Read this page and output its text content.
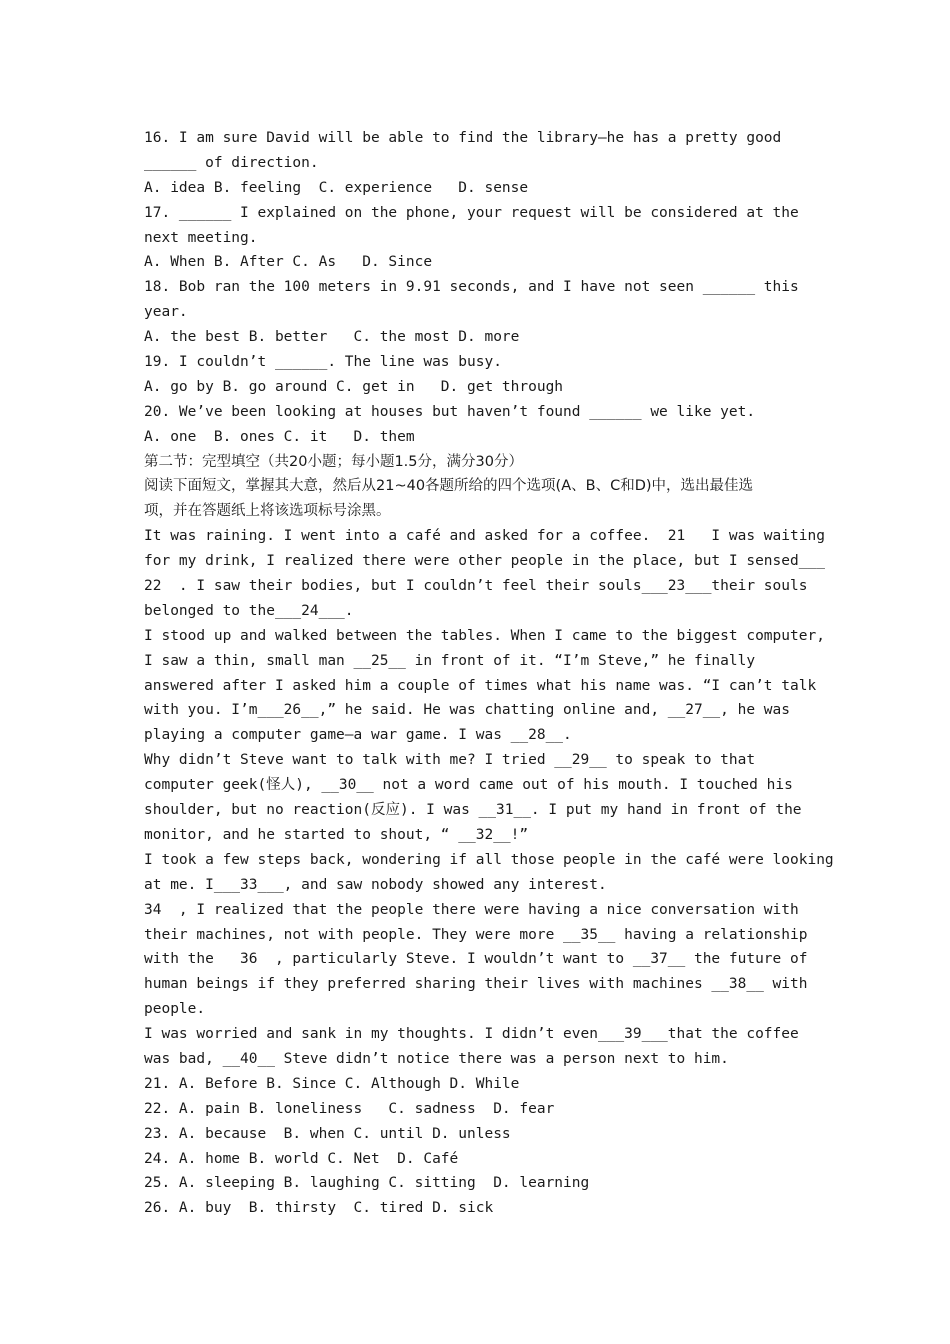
16. I am sure David will be able to find the library—he has a pretty good
______ of direction.
A. idea B. feeling  C. experience   D. sense
17. ______ I explained on the phone, your request will be considered at the
next meeting.
A. When B. After C. As   D. Since
18. Bob ran the 100 meters in 9.91 seconds, and I have not seen ______ this
year.
A. the best B. better   C. the most D. more
19. I couldn’t ______. The line was busy.
A. go by B. go around C. get in   D. get through
20. We’ve been looking at houses but haven’t found ______ we like yet.
A. one  B. ones C. it   D. them
第二节：完型填空（共20小题；每小题1.5分，满分30分）
阅读下面短文，掌握其大意，然后从21~40各题所给的四个选项(A、B、C和D)中，选出最佳选
项，并在答题纸上将该选项标号涂黑。
It was raining. I went into a café and asked for a coffee.  21   I was waiting
for my drink, I realized there were other people in the place, but I sensed___
22  . I saw their bodies, but I couldn’t feel their souls___23___their souls
belonged to the___24___.
I stood up and walked between the tables. When I came to the biggest computer,
I saw a thin, small man __25__ in front of it. “I’m Steve,” he finally
answered after I asked him a couple of times what his name was. “I can’t talk
with you. I’m___26__,” he said. He was chatting online and, __27__, he was
playing a computer game—a war game. I was __28__.
Why didn’t Steve want to talk with me? I tried __29__ to speak to that
computer geek(怪人), __30__ not a word came out of his mouth. I touched his
shoulder, but no reaction(反应). I was __31__. I put my hand in front of the
monitor, and he started to shout, “ __32__!”
I took a few steps back, wondering if all those people in the café were looking
at me. I___33___, and saw nobody showed any interest.
34  , I realized that the people there were having a nice conversation with
their machines, not with people. They were more __35__ having a relationship
with the   36  , particularly Steve. I wouldn’t want to __37__ the future of
human beings if they preferred sharing their lives with machines __38__ with
people.
I was worried and sank in my thoughts. I didn’t even___39___that the coffee
was bad, __40__ Steve didn’t notice there was a person next to him.
21. A. Before B. Since C. Although D. While
22. A. pain B. loneliness   C. sadness  D. fear
23. A. because  B. when C. until D. unless
24. A. home B. world C. Net  D. Café
25. A. sleeping B. laughing C. sitting  D. learning
26. A. buy  B. thirsty  C. tired D. sick
